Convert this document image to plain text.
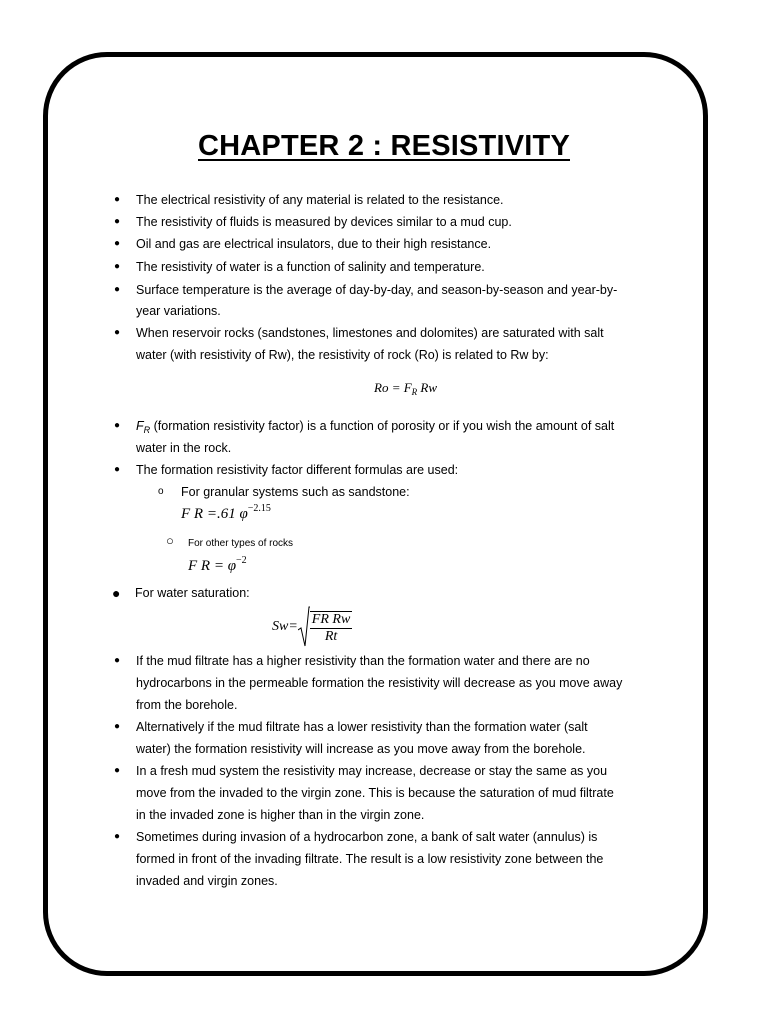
CHAPTER 2 : RESISTIVITY
● The electrical resistivity of any material is related to the resistance.
● The resistivity of fluids is measured by devices similar to a mud cup.
● Oil and gas are electrical insulators, due to their high resistance.
● The resistivity of water is a function of salinity and temperature.
● Surface temperature is the average of day-by-day, and season-by-season and year-by-
year variations.
● When reservoir rocks (sandstones, limestones and dolomites) are saturated with salt
water (with resistivity of Rw), the resistivity of rock (Ro) is related to Rw by:
$Ro = F_R$ Rw
● $F_R$ (formation resistivity factor) is a function of porosity or if you wish the amount of salt
water in the rock.
● The formation resistivity factor different formulas are used:
o For granular systems such as sandstone:
F R =.61 $\varphi^{-2.15}$
○ For other types of rocks
F $R = \varphi^{-2}$
● For water saturation:
$Sw= \frac{\text{FR Rw}}{Rt}$
● If the mud filtrate has a higher resistivity than the formation water and there are no
hydrocarbons in the permeable formation the resistivity will decrease as you move away
from the borehole.
● Alternatively if the mud filtrate has a lower resistivity than the formation water (salt
water) the formation resistivity will increase as you move away from the borehole.
● In a fresh mud system the resistivity may increase, decrease or stay the same as you
move from the invaded to the virgin zone. This is because the saturation of mud filtrate
in the invaded zone is higher than in the virgin zone.
● Sometimes during invasion of a hydrocarbon zone, a bank of salt water (annulus) is
formed in front of the invading filtrate. The result is a low resistivity zone between the
invaded and virgin zones.
